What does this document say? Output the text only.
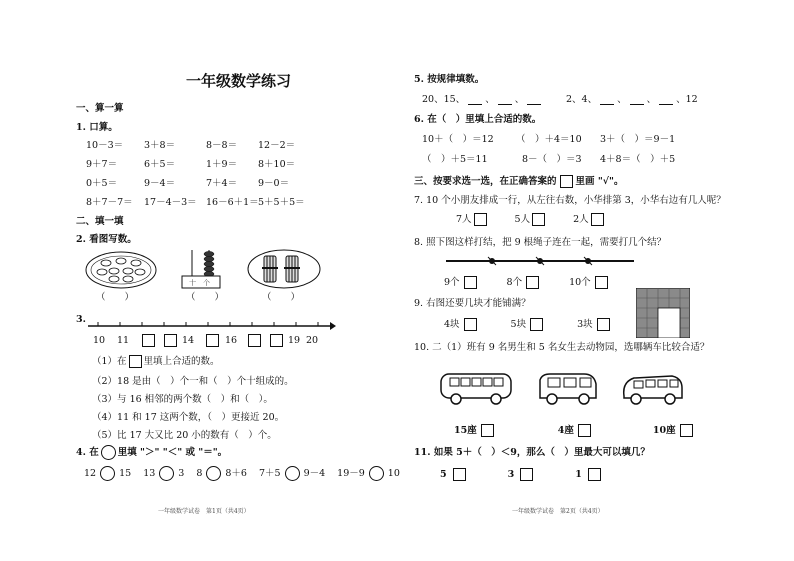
一年级数学练习
一、算一算
1. 口算。
10－3＝ 3＋8＝	8－8＝ 12－2＝
9＋7＝	6＋5＝	1＋9＝ 8＋10＝
0＋5＝	9－4＝	7＋4＝ 9－0＝
8＋7－7＝ 17－4－3＝ 16－6＋1＝ 5＋5＋5＝
二、填一填
2. 看图写数。
（　　）
十　个
（　　）	（　　）
3.
10 11	14	16	19 20
（1）在 里填上合适的数。
（2）18 是由（　）个一和（　）个十组成的。
（3）与 16 相邻的两个数（　）和（　）。
（4）11 和 17 这两个数，（　）更接近 20。
（5）比 17 大又比 20 小的数有（　）个。
4. 在 里填 "＞" "＜" 或 "＝"。
12 15 13 3 8 8＋6 7＋5 9－4 19－9 10
一年级数学试卷　第1页（共4页）
5. 按规律填数。
20、15、 、 、	2、4、 、 、 、 12
6. 在（　）里填上合适的数。
10＋（　）＝12 （　）＋4＝10 3＋（　）＝9－1
（　）＋5＝11	8－（　）＝3 4＋8＝（　）＋5
三、按要求选一选，在正确答案的 里画 "√"。
7. 10 个小朋友排成一行，从左往右数，小华排第 3，小华右边有几人呢？
7人	5人	2人
8. 照下图这样打结，把 9 根绳子连在一起，需要打几个结？
9个	8个	10个
9. 右图还要几块才能铺满？
4块	5块	3块
10. 二（1）班有 9 名男生和 5 名女生去动物园，选哪辆车比较合适？
15座	4座	10座
11. 如果 5＋（　）＜9，那么（　）里最大可以填几？
5	3	1
一年级数学试卷　第2页（共4页）
